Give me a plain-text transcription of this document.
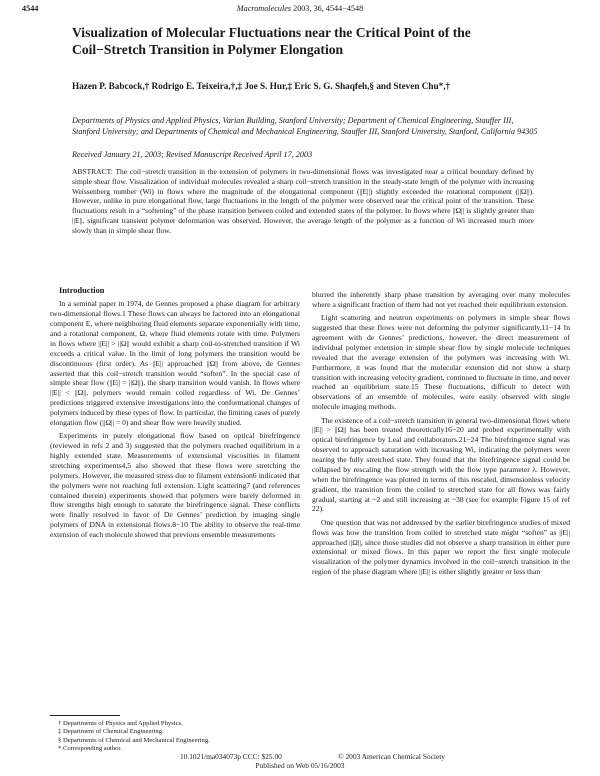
4544	Macromolecules 2003, 36, 4544−4548
Visualization of Molecular Fluctuations near the Critical Point of the Coil−Stretch Transition in Polymer Elongation
Hazen P. Babcock,† Rodrigo E. Teixeira,†,‡ Joe S. Hur,‡ Eric S. G. Shaqfeh,§ and Steven Chu*,†
Departments of Physics and Applied Physics, Varian Building, Stanford University; Department of Chemical Engineering, Stauffer III, Stanford University; and Departments of Chemical and Mechanical Engineering, Stauffer III, Stanford University, Stanford, California 94305
Received January 21, 2003; Revised Manuscript Received April 17, 2003
ABSTRACT: The coil−stretch transition in the extension of polymers in two-dimensional flows was investigated near a critical boundary defined by simple shear flow. Visualization of individual molecules revealed a sharp coil−stretch transition in the steady-state length of the polymer with increasing Weissenberg number (Wi) in flows where the magnitude of the elongational component (||E||) slightly exceeded the rotational component (||Ω||). However, unlike in pure elongational flow, large fluctuations in the length of the polymer were observed near the critical point of the transition. These fluctuations result in a “softening” of the phase transition between coiled and extended states of the polymer. In flows where ||Ω|| is slightly greater than ||E||, significant transient polymer deformation was observed. However, the average length of the polymer as a function of Wi increased much more slowly than in simple shear flow.

Introduction

In a seminal paper in 1974, de Gennes proposed a phase diagram for arbitrary two-dimensional flows.1 These flows can always be factored into an elongational component E, where neighboring fluid elements separate exponentially with time, and a rotational component, Ω, where fluid elements rotate with time. Polymers in flows where ||E|| > ||Ω|| would exhibit a sharp coil-to-stretched transition if Wi exceeds a critical value. In the limit of long polymers the transition would be discontinuous (first order). As ||E|| approached ||Ω|| from above, de Gennes asserted that this coil−stretch transition would “soften”. In the special case of simple shear flow (||E|| = ||Ω||), the sharp transition would vanish. In flows where ||E|| < ||Ω||, polymers would remain coiled regardless of Wi. De Gennes’ predictions triggered extensive investigations into the conformational changes of polymers induced by these types of flow. In particular, the limiting cases of purely elongation flow (||Ω|| = 0) and shear flow were heavily studied.

Experiments in purely elongational flow based on optical birefringence (reviewed in refs 2 and 3) suggested that the polymers reached equilibrium in a highly extended state. Measurements of extensional viscosities in filament stretching experiments4,5 also showed that these flows were stretching the polymers. However, the measured stress due to filament extension6 indicated that the polymers were not reaching full extension. Light scattering7 (and references contained therein) experiments showed that polymers were barely deformed in flow strengths high enough to saturate the birefringence signal. These conflicts were finally resolved in favor of De Gennes’ prediction by imaging single polymers of DNA in extensional flows.8−10 The ability to observe the real-time extension of each molecule showed that previous ensemble measurements

blurred the inherently sharp phase transition by averaging over many molecules where a significant fraction of them had not yet reached their equilibrium extension.

Light scattering and neutron experiments on polymers in simple shear flows suggested that these flows were not deforming the polymer significantly.11−14 In agreement with de Gennes’ predictions, however, the direct measurement of individual polymer extension in simple shear flow by single molecule techniques revealed that the average extension of the polymers was increasing with Wi. Furthermore, it was found that the molecular extension did not show a sharp transition with increasing velocity gradient, continued to fluctuate in time, and never reached an equilibrium state.15 These fluctuations, difficult to detect with observations of an ensemble of molecules, were easily observed with single molecule imaging methods.

The existence of a coil−stretch transition in general two-dimensional flows where ||E|| > ||Ω|| has been treated theoretically16−20 and probed experimentally with optical birefringence by Leal and collaborators.21−24 The birefringence signal was observed to approach saturation with increasing Wi, indicating the polymers were nearing the fully stretched state. They found that the birefringence signal could be collapsed by rescaling the flow strength with the flow type parameter λ. However, when the birefringence was plotted in terms of this rescaled, dimensionless velocity gradient, the transition from the coiled to stretched state for all flows was fairly gradual, starting at ~2 and still increasing at ~38 (see for example Figure 15 of ref 22).

One question that was not addressed by the earlier birefringence studies of mixed flows was how the transition from coiled to stretched state might “soften” as ||E|| approached ||Ω||, since those studies did not observe a sharp transition in either pure extensional or mixed flows. In this paper we report the first single molecule visualization of the polymer dynamics involved in the coil−stretch transition in the region of the phase diagram where ||E|| is either slightly greater or less than

† Departments of Physics and Applied Physics.
‡ Department of Chemical Engineering.
§ Departments of Chemical and Mechanical Engineering.
* Corresponding author.
10.1021/ma034073p CCC: $25.00	© 2003 American Chemical Society
Published on Web 05/16/2003
